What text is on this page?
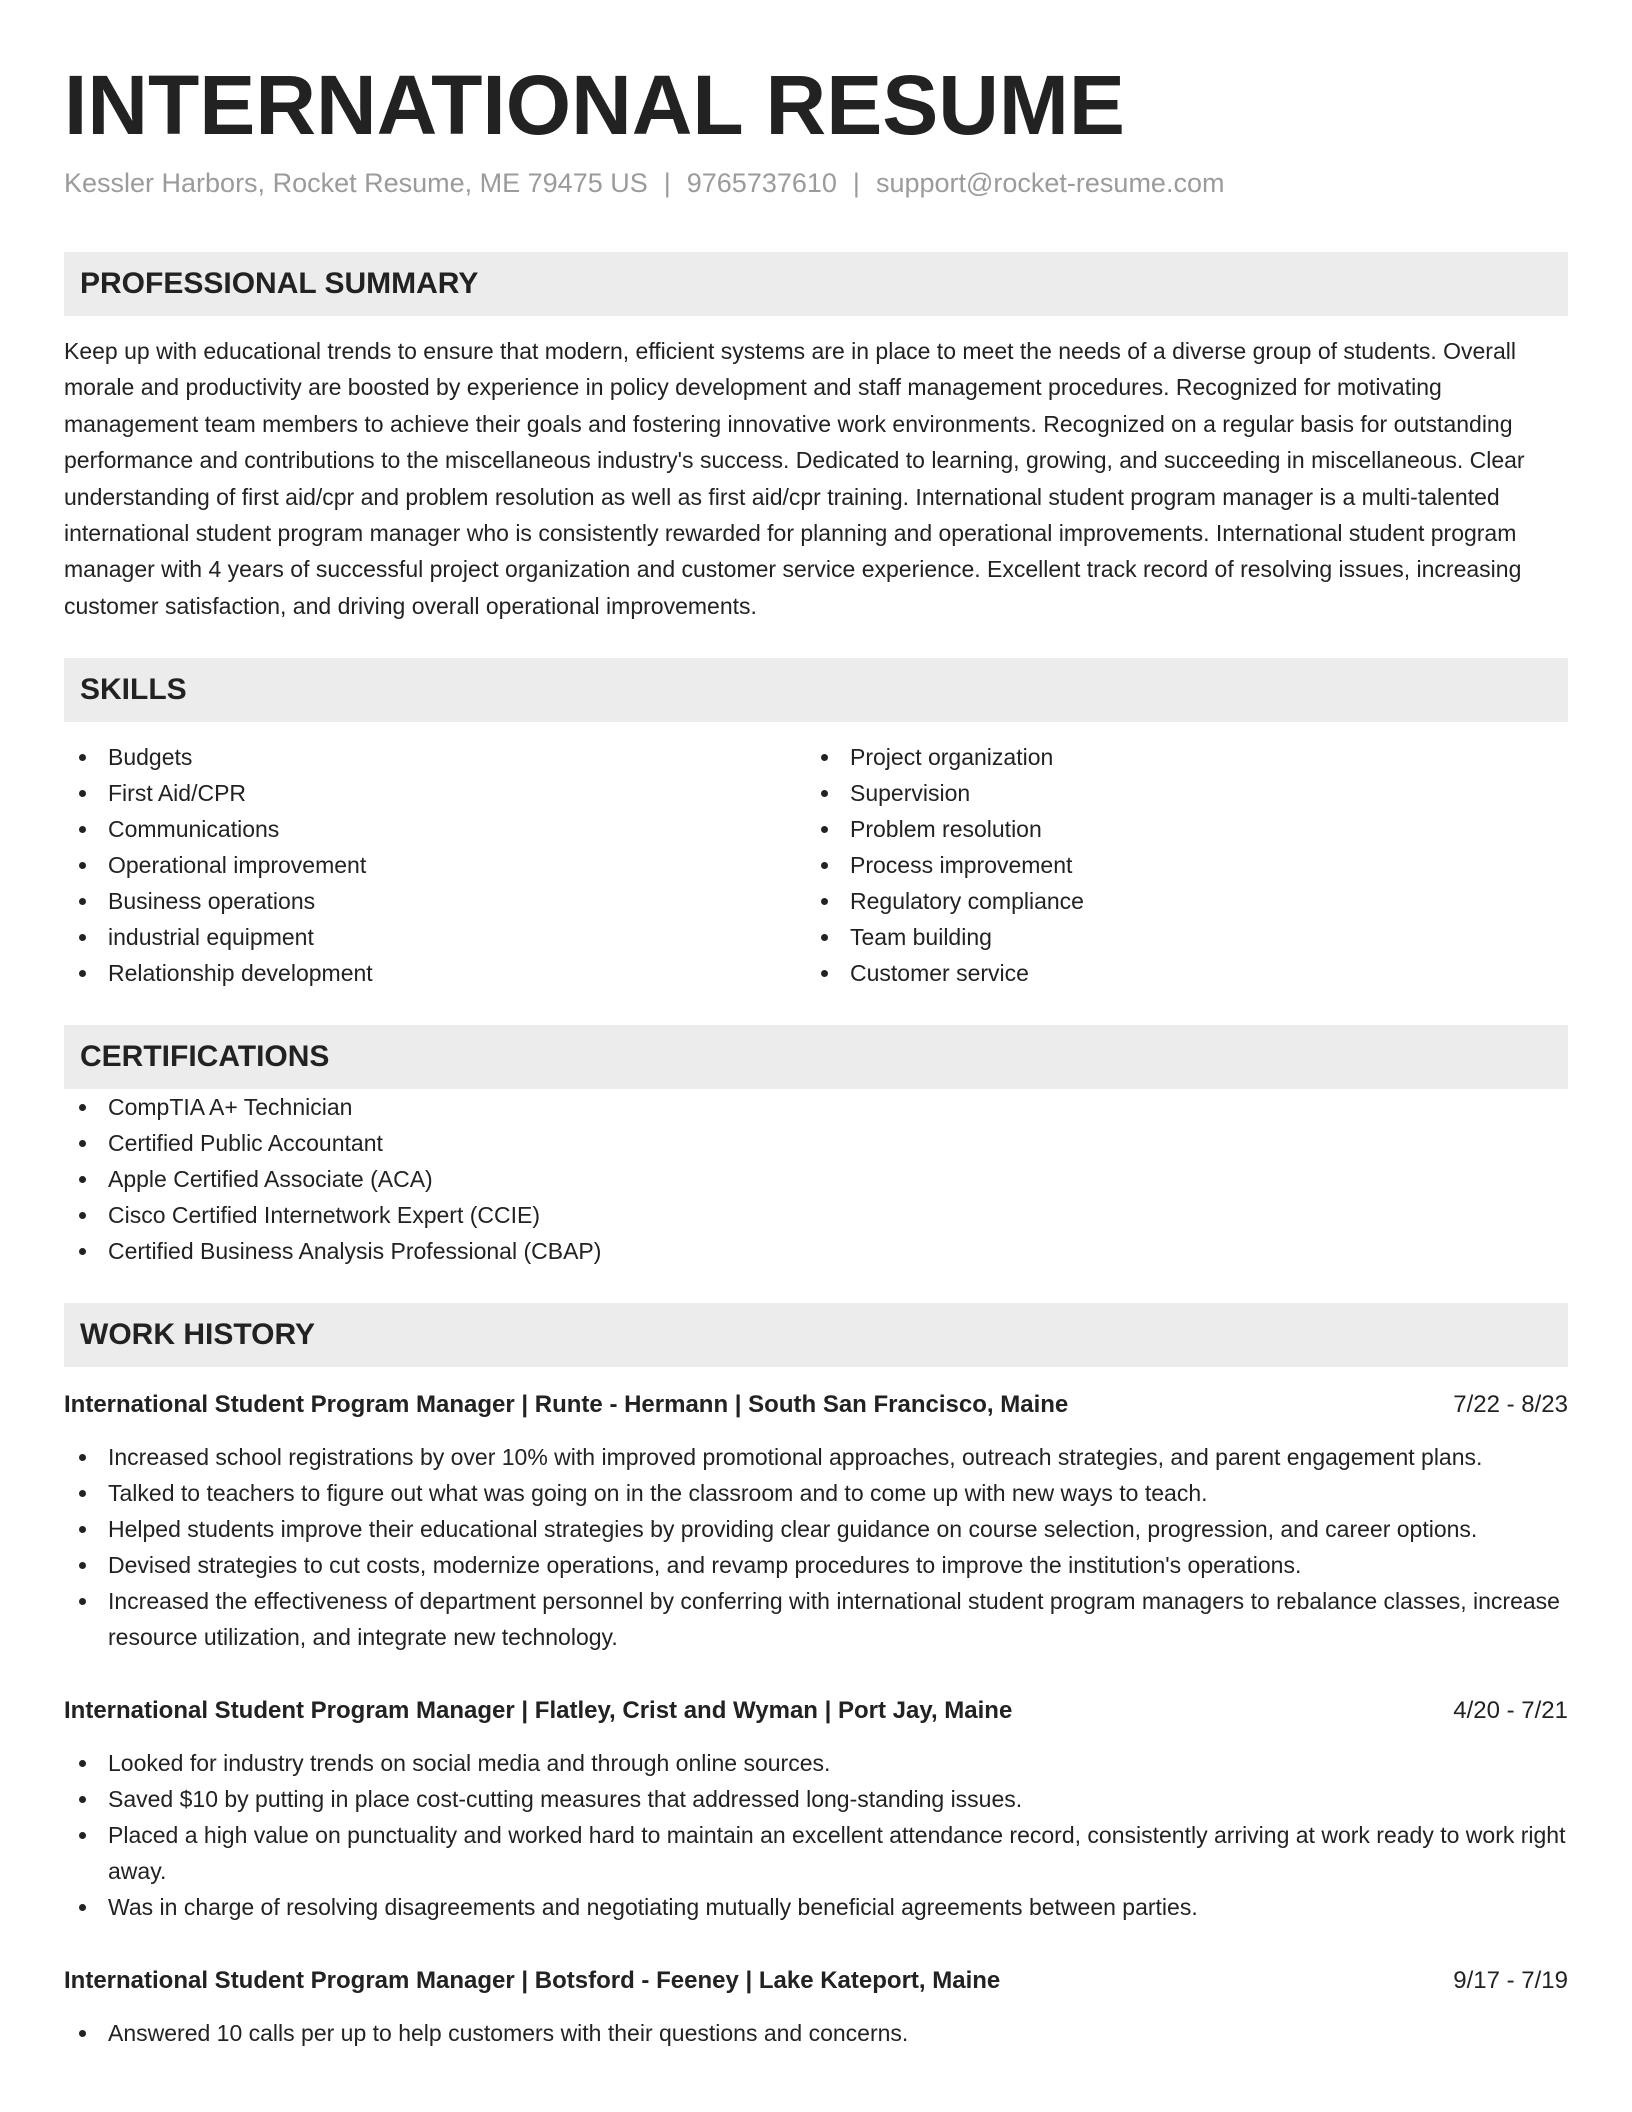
INTERNATIONAL RESUME
Kessler Harbors, Rocket Resume, ME 79475 US | 9765737610 | support@rocket-resume.com
PROFESSIONAL SUMMARY
Keep up with educational trends to ensure that modern, efficient systems are in place to meet the needs of a diverse group of students. Overall morale and productivity are boosted by experience in policy development and staff management procedures. Recognized for motivating management team members to achieve their goals and fostering innovative work environments. Recognized on a regular basis for outstanding performance and contributions to the miscellaneous industry's success. Dedicated to learning, growing, and succeeding in miscellaneous. Clear understanding of first aid/cpr and problem resolution as well as first aid/cpr training. International student program manager is a multi-talented international student program manager who is consistently rewarded for planning and operational improvements. International student program manager with 4 years of successful project organization and customer service experience. Excellent track record of resolving issues, increasing customer satisfaction, and driving overall operational improvements.
SKILLS
Budgets
First Aid/CPR
Communications
Operational improvement
Business operations
industrial equipment
Relationship development
Project organization
Supervision
Problem resolution
Process improvement
Regulatory compliance
Team building
Customer service
CERTIFICATIONS
CompTIA A+ Technician
Certified Public Accountant
Apple Certified Associate (ACA)
Cisco Certified Internetwork Expert (CCIE)
Certified Business Analysis Professional (CBAP)
WORK HISTORY
International Student Program Manager | Runte - Hermann | South San Francisco, Maine	7/22 - 8/23
Increased school registrations by over 10% with improved promotional approaches, outreach strategies, and parent engagement plans.
Talked to teachers to figure out what was going on in the classroom and to come up with new ways to teach.
Helped students improve their educational strategies by providing clear guidance on course selection, progression, and career options.
Devised strategies to cut costs, modernize operations, and revamp procedures to improve the institution's operations.
Increased the effectiveness of department personnel by conferring with international student program managers to rebalance classes, increase resource utilization, and integrate new technology.
International Student Program Manager | Flatley, Crist and Wyman | Port Jay, Maine	4/20 - 7/21
Looked for industry trends on social media and through online sources.
Saved $10 by putting in place cost-cutting measures that addressed long-standing issues.
Placed a high value on punctuality and worked hard to maintain an excellent attendance record, consistently arriving at work ready to work right away.
Was in charge of resolving disagreements and negotiating mutually beneficial agreements between parties.
International Student Program Manager | Botsford - Feeney | Lake Kateport, Maine	9/17 - 7/19
Answered 10 calls per up to help customers with their questions and concerns.
